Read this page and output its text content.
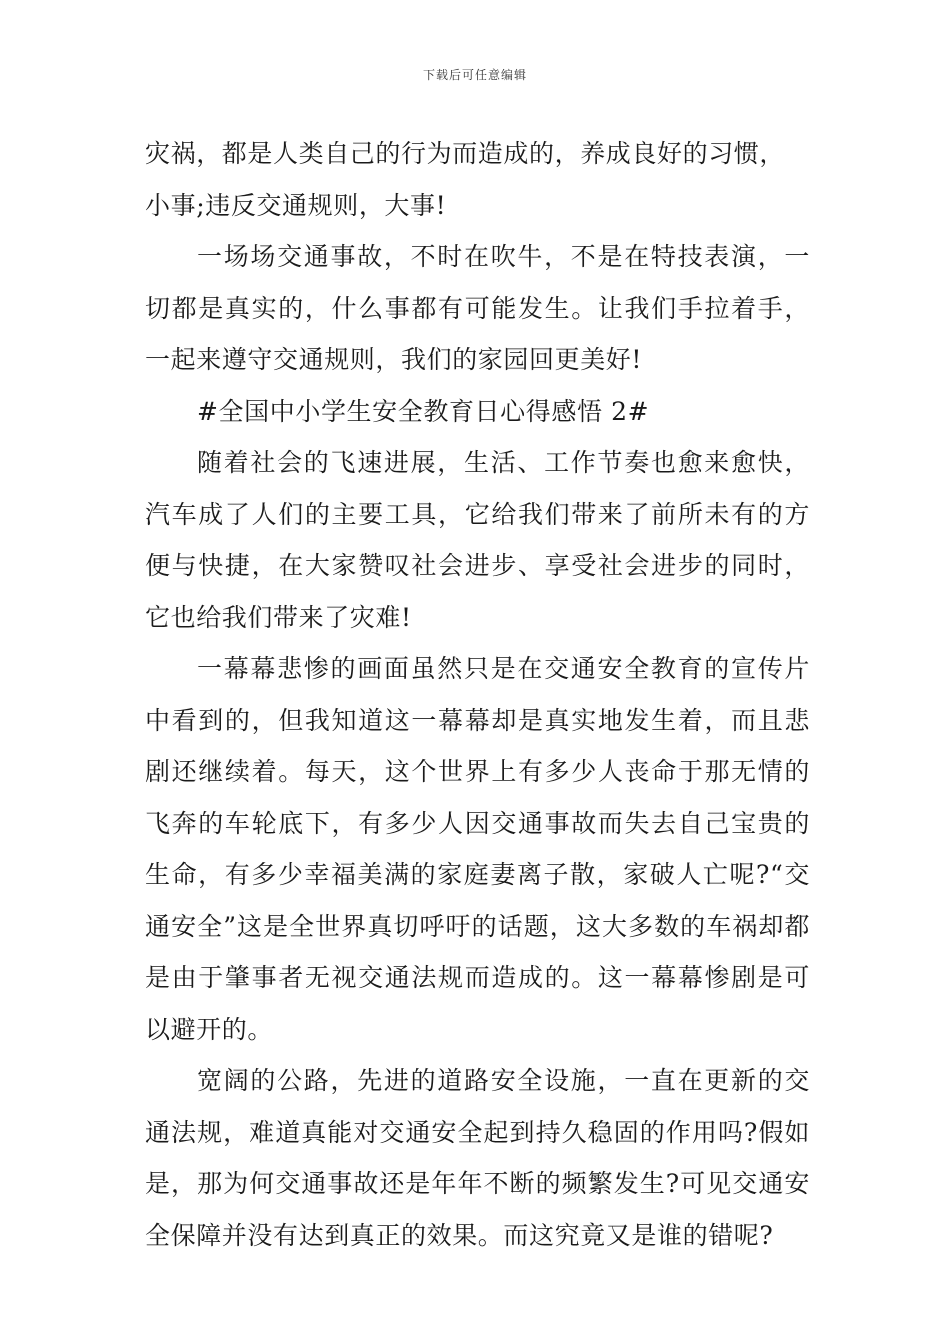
下载后可任意编辑

灾祸，都是人类自己的行为而造成的，养成良好的习惯，
小事;违反交通规则，大事!

一场场交通事故，不时在吹牛，不是在特技表演，一切都是真实的，什么事都有可能发生。让我们手拉着手，一起来遵守交通规则，我们的家园回更美好!

#全国中小学生安全教育日心得感悟 2#

随着社会的飞速进展，生活、工作节奏也愈来愈快，汽车成了人们的主要工具，它给我们带来了前所未有的方便与快捷，在大家赞叹社会进步、享受社会进步的同时，它也给我们带来了灾难!

一幕幕悲惨的画面虽然只是在交通安全教育的宣传片中看到的，但我知道这一幕幕却是真实地发生着，而且悲剧还继续着。每天，这个世界上有多少人丧命于那无情的飞奔的车轮底下，有多少人因交通事故而失去自己宝贵的生命，有多少幸福美满的家庭妻离子散，家破人亡呢?“交通安全”这是全世界真切呼吁的话题，这大多数的车祸却都是由于肇事者无视交通法规而造成的。这一幕幕惨剧是可以避开的。

宽阔的公路，先进的道路安全设施，一直在更新的交通法规，难道真能对交通安全起到持久稳固的作用吗?假如是，那为何交通事故还是年年不断的频繁发生?可见交通安全保障并没有达到真正的效果。而这究竟又是谁的错呢?
